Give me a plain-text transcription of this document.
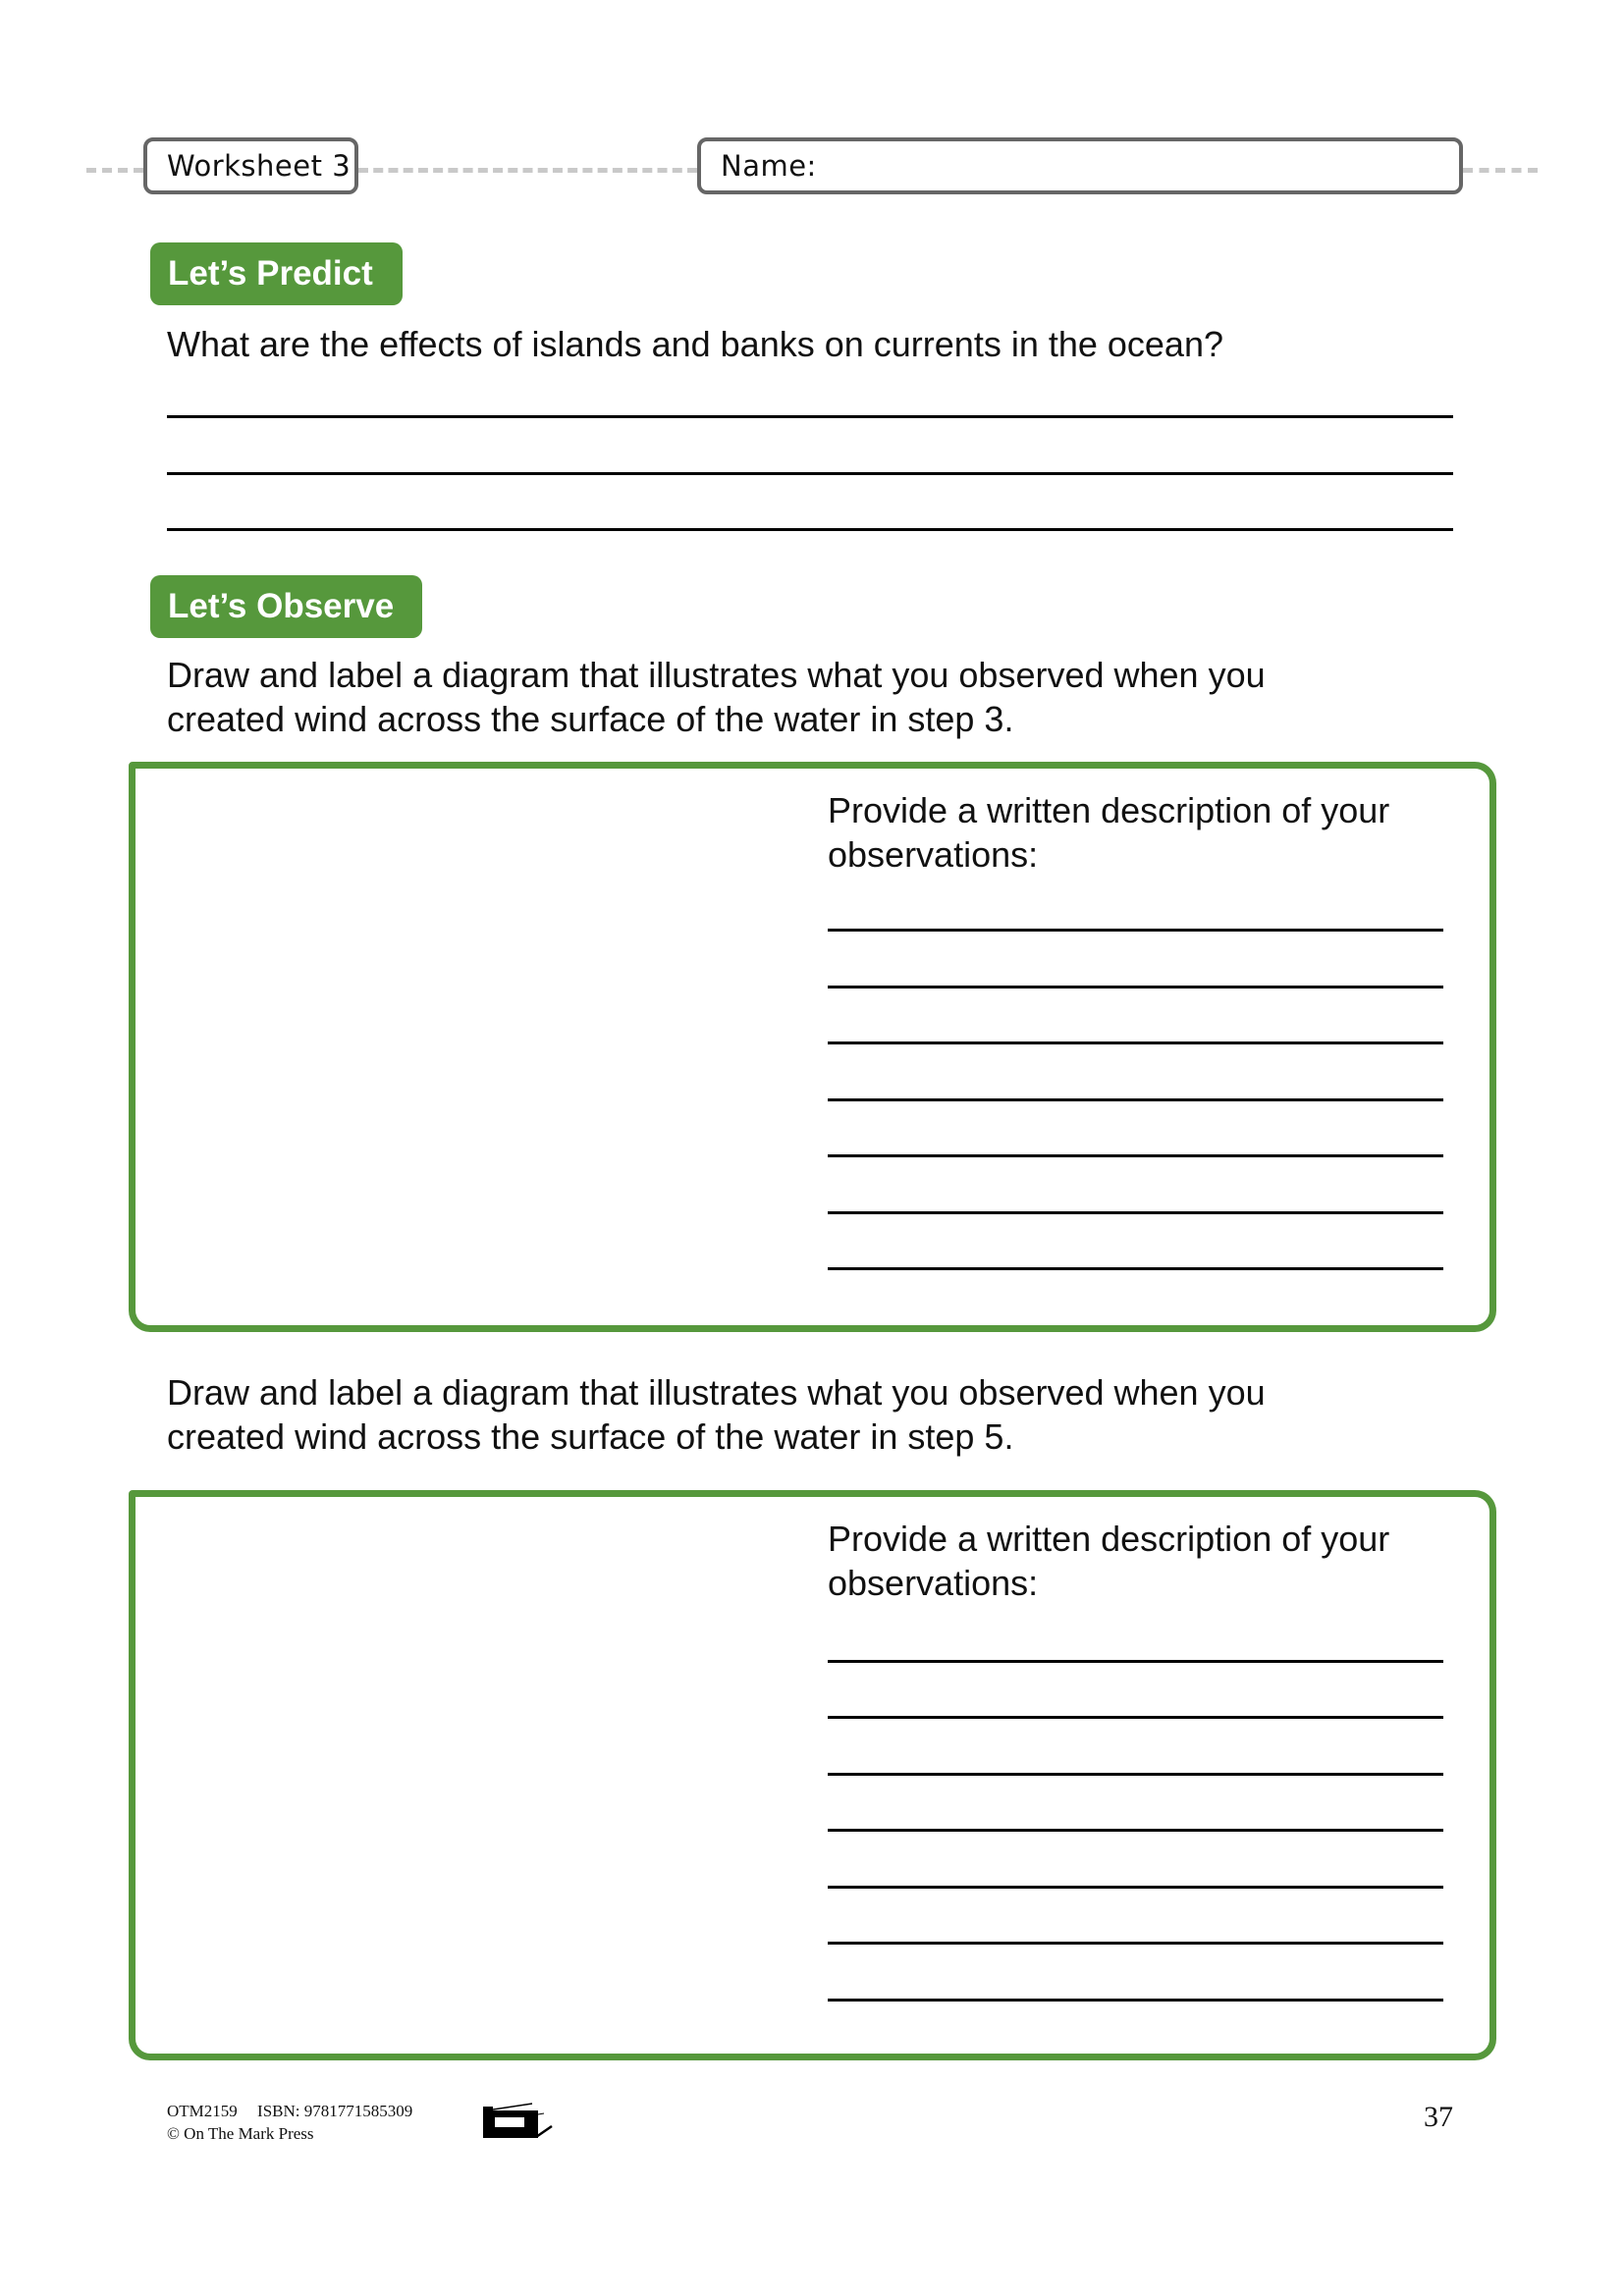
Worksheet 3	Name:
Let’s Predict
What are the effects of islands and banks on currents in the ocean?
Let’s Observe
Draw and label a diagram that illustrates what you observed when you created wind across the surface of the water in step 3.
Provide a written description of your observations:
Draw and label a diagram that illustrates what you observed when you created wind across the surface of the water in step 5.
Provide a written description of your observations:
OTM2159 ISBN: 9781771585309
© On The Mark Press
37
